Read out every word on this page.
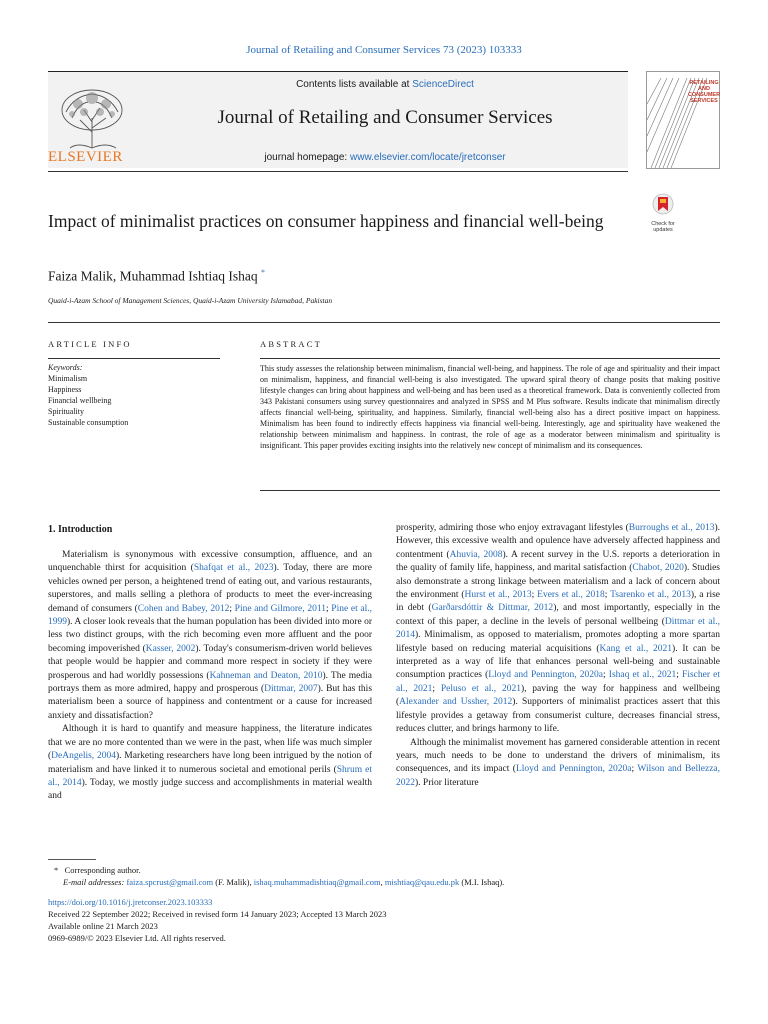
Journal of Retailing and Consumer Services 73 (2023) 103333
ELSEVIER
Contents lists available at ScienceDirect
Journal of Retailing and Consumer Services
journal homepage: www.elsevier.com/locate/jretconser
RETAILING
AND
CONSUMER
SERVICES
Check for updates
Impact of minimalist practices on consumer happiness and financial well-being
Faiza Malik, Muhammad Ishtiaq Ishaq *
Quaid-i-Azam School of Management Sciences, Quaid-i-Azam University Islamabad, Pakistan
ARTICLE INFO
Keywords:
Minimalism
Happiness
Financial wellbeing
Spirituality
Sustainable consumption
ABSTRACT
This study assesses the relationship between minimalism, financial well-being, and happiness. The role of age and spirituality and their impact on minimalism, happiness, and financial well-being is also investigated. The upward spiral theory of change posits that making positive lifestyle changes can bring about happiness and well-being and has been used as a theoretical framework. Data is conveniently collected from 343 Pakistani consumers using survey questionnaires and analyzed in SPSS and M Plus software. Results indicate that minimalism directly affects financial well-being, spirituality, and happiness. Similarly, financial well-being also has a direct positive impact on happiness. Minimalism has been found to indirectly effects happiness via financial well-being. Interestingly, age and spirituality have weakened the relationship between minimalism and happiness. In contrast, the role of age as a moderator between minimalism and spirituality is insignificant. This paper provides exciting insights into the relatively new concept of minimalism and its consequences.
1. Introduction

Materialism is synonymous with excessive consumption, affluence, and an unquenchable thirst for acquisition (Shafqat et al., 2023). Today, there are more vehicles owned per person, a heightened trend of eating out, and various restaurants, superstores, and malls selling a plethora of products to meet the ever-increasing demand of consumers (Cohen and Babey, 2012; Pine and Gilmore, 2011; Pine et al., 1999). A closer look reveals that the human population has been divided into more or less two distinct groups, with the rich becoming even more affluent and the poor becoming impoverished (Kasser, 2002). Today's consumerism-driven world believes that people would be happier and command more respect in society if they were prosperous and had worldly possessions (Kahneman and Deaton, 2010). The media portrays them as more admired, happy and prosperous (Dittmar, 2007). But has this materialism been a source of happiness and contentment or a cause for increased anxiety and dissatisfaction?

Although it is hard to quantify and measure happiness, the literature indicates that we are no more contented than we were in the past, when life was much simpler (DeAngelis, 2004). Marketing researchers have long been intrigued by the notion of materialism and have linked it to numerous societal and emotional perils (Shrum et al., 2014). Today, we mostly judge success and accomplishments in material wealth and

prosperity, admiring those who enjoy extravagant lifestyles (Burroughs et al., 2013). However, this excessive wealth and opulence have adversely affected happiness and contentment (Ahuvia, 2008). A recent survey in the U.S. reports a deterioration in the quality of family life, happiness, and marital satisfaction (Chabot, 2020). Studies also demonstrate a strong linkage between materialism and a lack of concern about the environment (Hurst et al., 2013; Evers et al., 2018; Tsarenko et al., 2013), a rise in debt (Garðarsdóttir & Dittmar, 2012), and most importantly, especially in the context of this paper, a decline in the levels of personal wellbeing (Dittmar et al., 2014). Minimalism, as opposed to materialism, promotes adopting a more spartan lifestyle based on reducing material acquisitions (Kang et al., 2021). It can be interpreted as a way of life that enhances personal well-being and sustainable consumption practices (Lloyd and Pennington, 2020a; Ishaq et al., 2021; Fischer et al., 2021; Peluso et al., 2021), paving the way for happiness and wellbeing (Alexander and Ussher, 2012). Supporters of minimalist practices assert that this lifestyle provides a getaway from consumerist culture, decreases financial stress, reduces clutter, and brings harmony to life.

Although the minimalist movement has garnered considerable attention in recent years, much needs to be done to understand the drivers of minimalism, its consequences, and its impact (Lloyd and Pennington, 2020a; Wilson and Bellezza, 2022). Prior literature

* Corresponding author.
E-mail addresses: faiza.spcrust@gmail.com (F. Malik), ishaq.muhammadishtiaq@gmail.com, mishtiaq@qau.edu.pk (M.I. Ishaq).
https://doi.org/10.1016/j.jretconser.2023.103333
Received 22 September 2022; Received in revised form 14 January 2023; Accepted 13 March 2023
Available online 21 March 2023
0969-6989/© 2023 Elsevier Ltd. All rights reserved.
